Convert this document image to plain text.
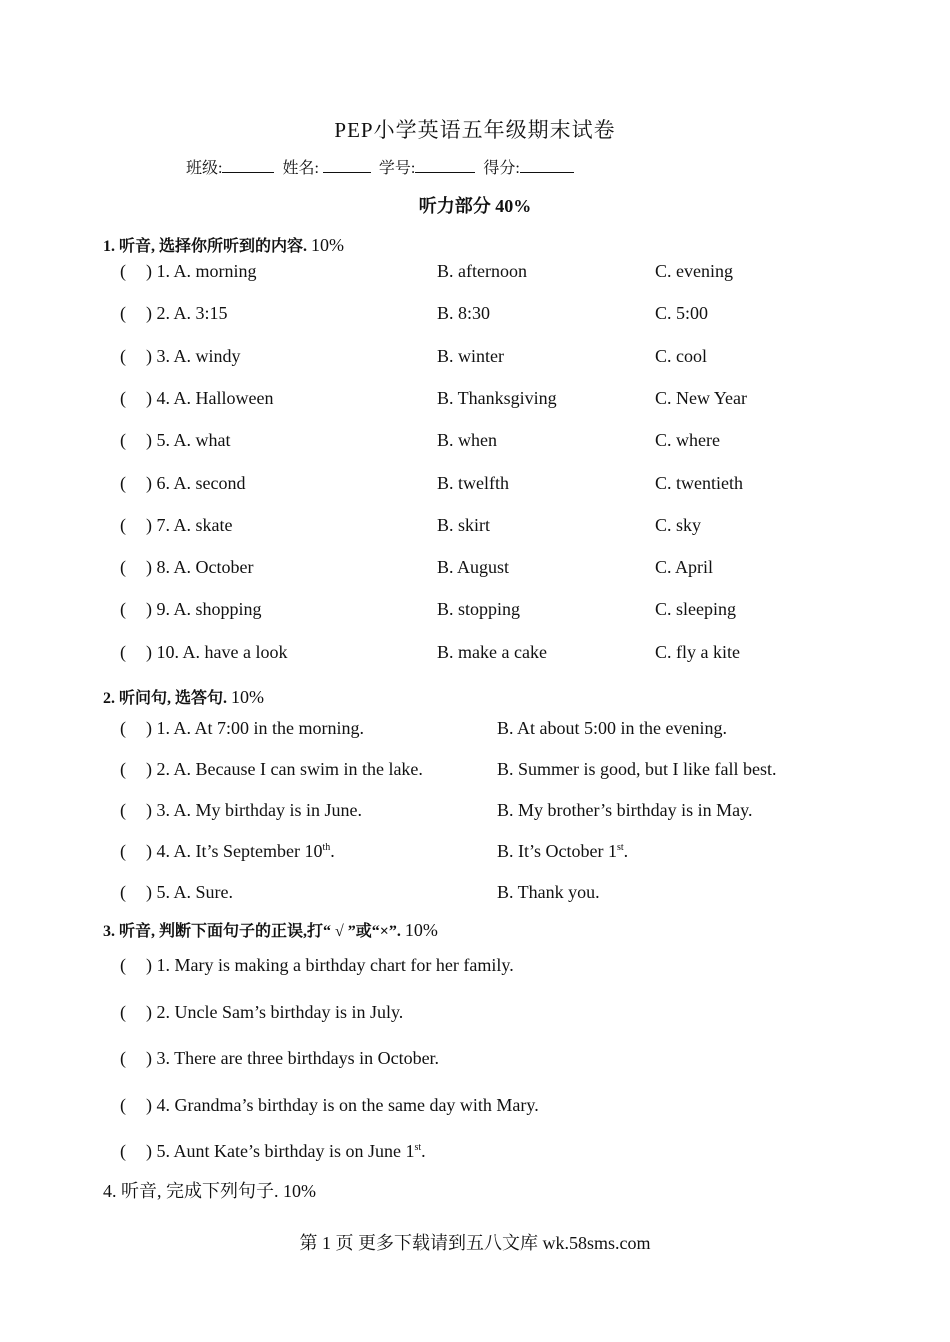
PEP小学英语五年级期末试卷
班级:	姓名:	学号:	得分:
听力部分 40%
1. 听音, 选择你所听到的内容. 10%
( ) 1. A. morning	B. afternoon	C. evening
( ) 2. A. 3:15	B. 8:30	C. 5:00
( ) 3. A. windy	B. winter	C. cool
( ) 4. A. Halloween	B. Thanksgiving	C. New Year
( ) 5. A. what	B. when	C. where
( ) 6. A. second	B. twelfth	C. twentieth
( ) 7. A. skate	B. skirt	C. sky
( ) 8. A. October	B. August	C. April
( ) 9. A. shopping	B. stopping	C. sleeping
( ) 10. A. have a look	B. make a cake	C. fly a kite
2. 听问句, 选答句. 10%
( ) 1. A. At 7:00 in the morning.	B. At about 5:00 in the evening.
( ) 2. A. Because I can swim in the lake.	B. Summer is good, but I like fall best.
( ) 3. A. My birthday is in June.	B. My brother’s birthday is in May.
( ) 4. A. It’s September 10th.	B. It’s October 1st.
( ) 5. A. Sure.	B. Thank you.
3. 听音, 判断下面句子的正误,打“ √ ”或“×”. 10%
( ) 1. Mary is making a birthday chart for her family.
( ) 2. Uncle Sam’s birthday is in July.
( ) 3. There are three birthdays in October.
( ) 4. Grandma’s birthday is on the same day with Mary.
( ) 5. Aunt Kate’s birthday is on June 1st.
4. 听音, 完成下列句子. 10%
第 1 页 更多下载请到五八文库 wk.58sms.com
